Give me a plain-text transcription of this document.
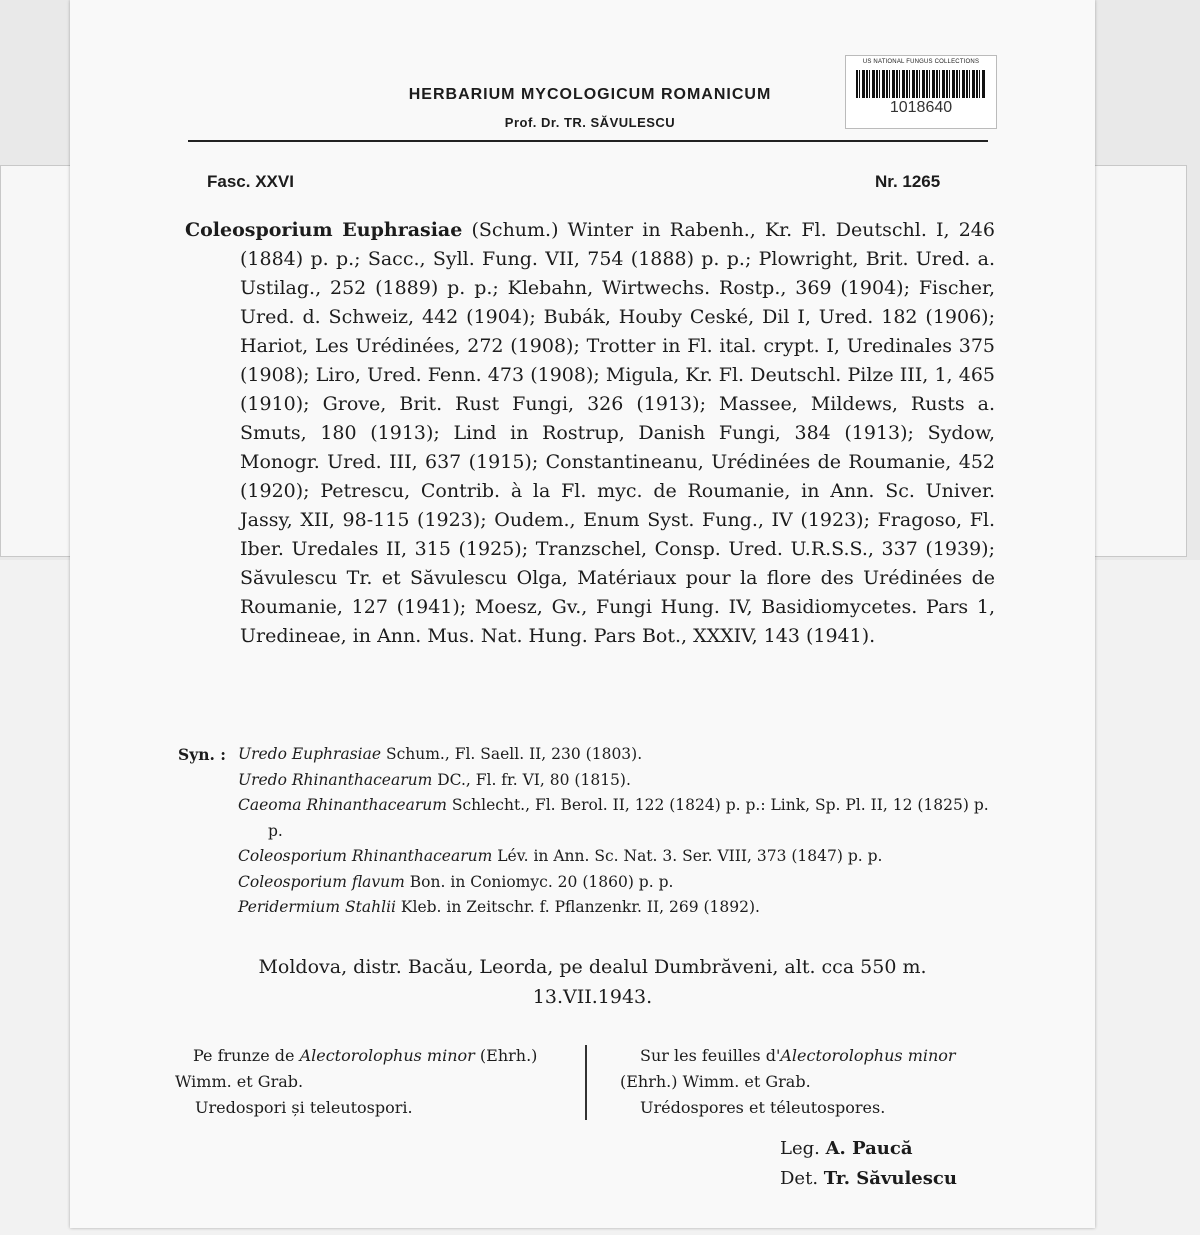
HERBARIUM MYCOLOGICUM ROMANICUM
Prof. Dr. TR. SĂVULESCU
US NATIONAL FUNGUS COLLECTIONS
1018640
Fasc. XXVI	Nr. 1265
Coleosporium Euphrasiae (Schum.) Winter in Rabenh., Kr. Fl. Deutschl. I, 246 (1884) p. p.; Sacc., Syll. Fung. VII, 754 (1888) p. p.; Plowright, Brit. Ured. a. Ustilag., 252 (1889) p. p.; Klebahn, Wirtwechs. Rostp., 369 (1904); Fischer, Ured. d. Schweiz, 442 (1904); Bubák, Houby Ceské, Dil I, Ured. 182 (1906); Hariot, Les Urédinées, 272 (1908); Trotter in Fl. ital. crypt. I, Uredinales 375 (1908); Liro, Ured. Fenn. 473 (1908); Migula, Kr. Fl. Deutschl. Pilze III, 1, 465 (1910); Grove, Brit. Rust Fungi, 326 (1913); Massee, Mildews, Rusts a. Smuts, 180 (1913); Lind in Rostrup, Danish Fungi, 384 (1913); Sydow, Monogr. Ured. III, 637 (1915); Constantineanu, Urédinées de Roumanie, 452 (1920); Petrescu, Contrib. à la Fl. myc. de Roumanie, in Ann. Sc. Univer. Jassy, XII, 98-115 (1923); Oudem., Enum Syst. Fung., IV (1923); Fragoso, Fl. Iber. Uredales II, 315 (1925); Tranzschel, Consp. Ured. U.R.S.S., 337 (1939); Săvulescu Tr. et Săvulescu Olga, Matériaux pour la flore des Urédinées de Roumanie, 127 (1941); Moesz, Gv., Fungi Hung. IV, Basidiomycetes. Pars 1, Uredineae, in Ann. Mus. Nat. Hung. Pars Bot., XXXIV, 143 (1941).
Syn. : Uredo Euphrasiae Schum., Fl. Saell. II, 230 (1803).
Uredo Rhinanthacearum DC., Fl. fr. VI, 80 (1815).
Caeoma Rhinanthacearum Schlecht., Fl. Berol. II, 122 (1824) p. p.: Link, Sp. Pl. II, 12 (1825) p. p.
Coleosporium Rhinanthacearum Lév. in Ann. Sc. Nat. 3. Ser. VIII, 373 (1847) p. p.
Coleosporium flavum Bon. in Coniomyc. 20 (1860) p. p.
Peridermium Stahlii Kleb. in Zeitschr. f. Pflanzenkr. II, 269 (1892).
Moldova, distr. Bacău, Leorda, pe dealul Dumbrăveni, alt. cca 550 m.
13.VII.1943.
Pe frunze de Alectorolophus minor (Ehrh.)
Wimm. et Grab.
Uredospori și teleutospori.
Sur les feuilles d'Alectorolophus minor
(Ehrh.) Wimm. et Grab.
Urédospores et téleutospores.
Leg. A. Paucă
Det. Tr. Săvulescu
